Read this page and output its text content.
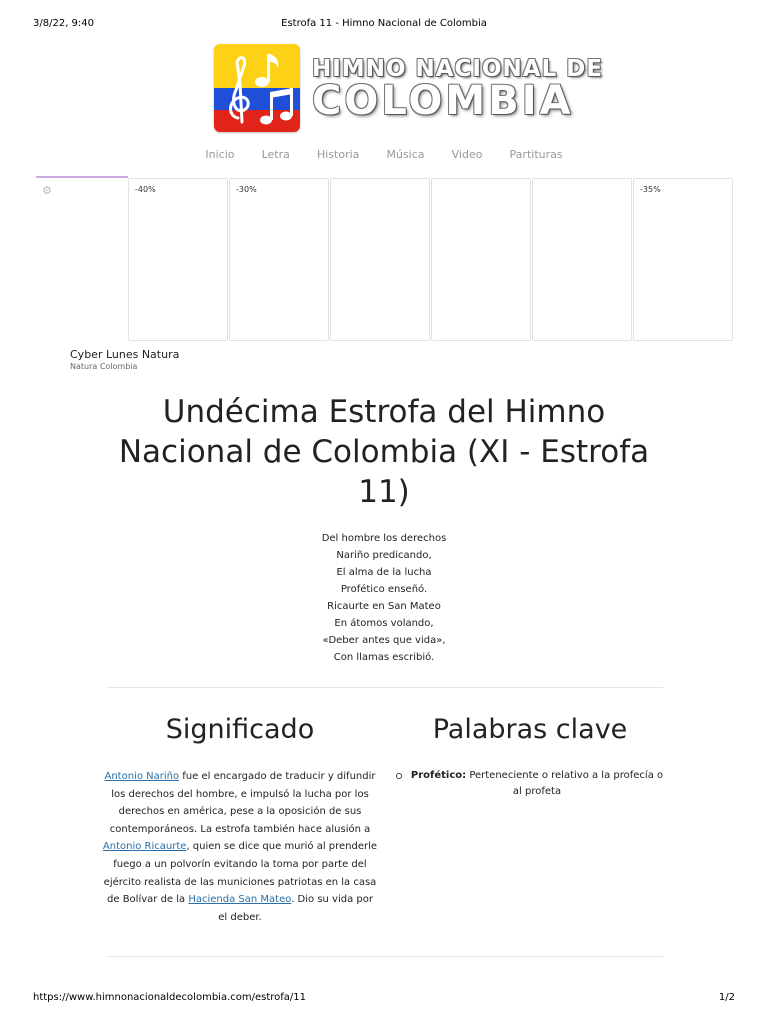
3/8/22, 9:40	Estrofa 11 - Himno Nacional de Colombia
HIMNO NACIONAL DE
COLOMBIA
Inicio Letra Historia Música Video Partituras
⚙	-40%	-30%	-35%
Cyber Lunes Natura
Natura Colombia
Undécima Estrofa del Himno Nacional de Colombia (XI - Estrofa 11)
Del hombre los derechos
Nariño predicando,
El alma de la lucha
Profético enseñó.
Ricaurte en San Mateo
En átomos volando,
«Deber antes que vida»,
Con llamas escribió.
Significado
Antonio Nariño fue el encargado de traducir y difundir los derechos del hombre, e impulsó la lucha por los derechos en américa, pese a la oposición de sus contemporáneos. La estrofa también hace alusión a Antonio Ricaurte, quien se dice que murió al prenderle fuego a un polvorín evitando la toma por parte del ejército realista de las municiones patriotas en la casa de Bolívar de la Hacienda San Mateo. Dio su vida por el deber.
Palabras clave
Profético: Perteneciente o relativo a la profecía o al profeta
https://www.himnonacionaldecolombia.com/estrofa/11	1/2
